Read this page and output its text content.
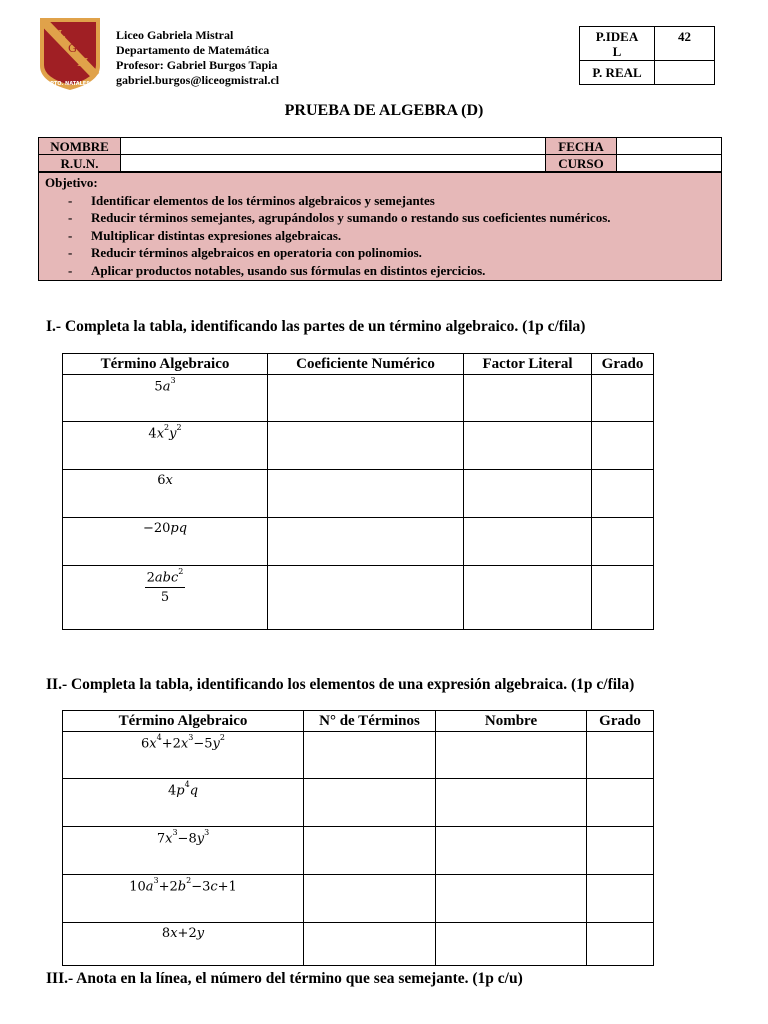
L
G
M
PTO. NATALES
Liceo Gabriela Mistral
Departamento de Matemática
Profesor: Gabriel Burgos Tapia
gabriel.burgos@liceogmistral.cl
P.IDEA
L	42
P. REAL	
PRUEBA DE ALGEBRA (D)
NOMBRE		FECHA	
R.U.N.		CURSO	
Objetivo:
- Identificar elementos de los términos algebraicos y semejantes
- Reducir términos semejantes, agrupándolos y sumando o restando sus coeficientes numéricos.
- Multiplicar distintas expresiones algebraicas.
- Reducir términos algebraicos en operatoria con polinomios.
- Aplicar productos notables, usando sus fórmulas en distintos ejercicios.
I.- Completa la tabla, identificando las partes de un término algebraico. (1p c/fila)
Término Algebraico	Coeficiente Numérico	Factor Literal	Grado
$5a^3$			
$4x^2y^2$			
6x			
−20pq			

$\frac{2abc^2}{5}$

II.- Completa la tabla, identificando los elementos de una expresión algebraica. (1p c/fila)
Término Algebraico	N° de Términos	Nombre	Grado
$6x^4+2x^3-5y^2$			
$4p^4q$			
$7x^3-8y^3$			
$10a^3+2b^2-3c+1$			
8x+2y			
III.- Anota en la línea, el número del término que sea semejante. (1p c/u)
